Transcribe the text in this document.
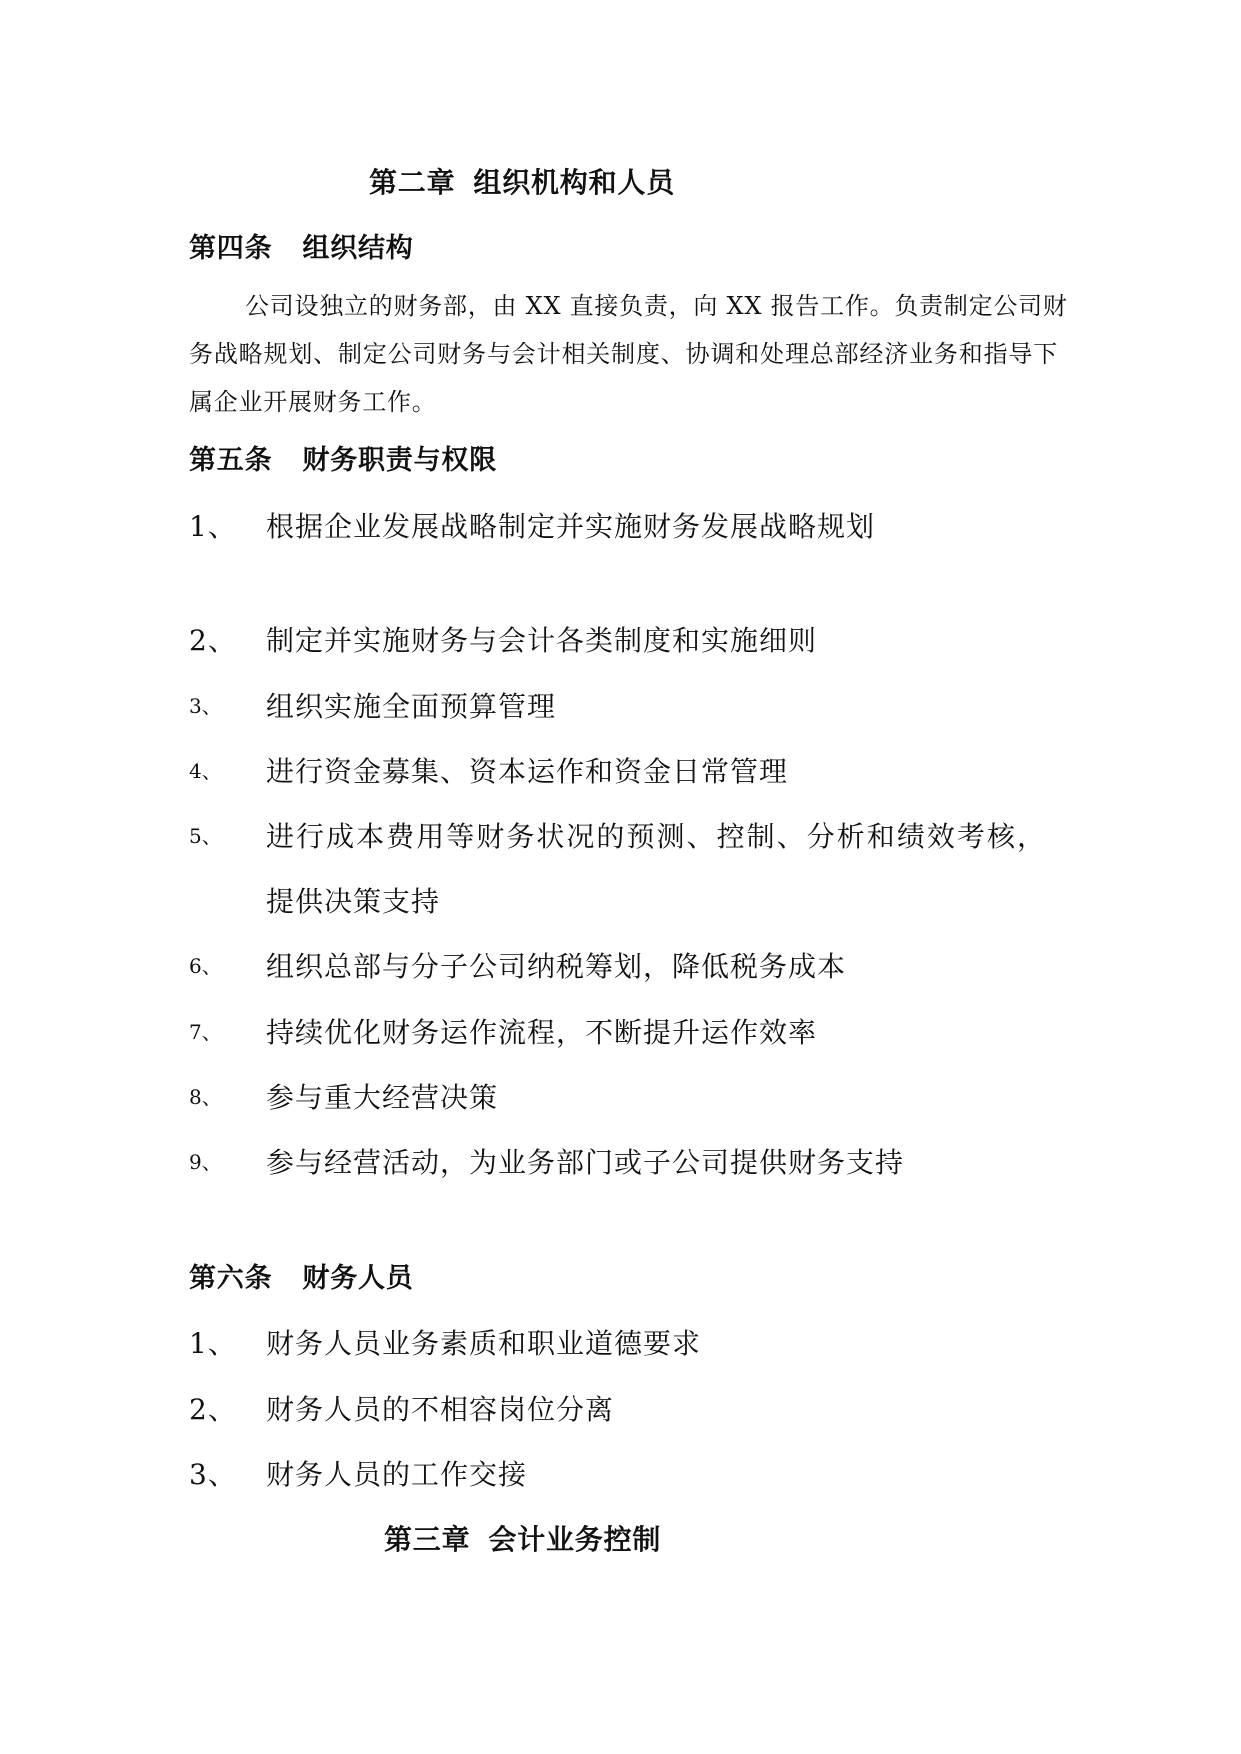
第二章 组织机构和人员
第四条 组织结构
公司设独立的财务部，由 XX 直接负责，向 XX 报告工作。负责制定公司财
务战略规划、制定公司财务与会计相关制度、协调和处理总部经济业务和指导下
属企业开展财务工作。
第五条 财务职责与权限
1、	根据企业发展战略制定并实施财务发展战略规划
2、	制定并实施财务与会计各类制度和实施细则
3、	组织实施全面预算管理
4、	进行资金募集、资本运作和资金日常管理
5、	进行成本费用等财务状况的预测、控制、分析和绩效考核，提供决策支持
6、	组织总部与分子公司纳税筹划，降低税务成本
7、	持续优化财务运作流程，不断提升运作效率
8、	参与重大经营决策
9、	参与经营活动，为业务部门或子公司提供财务支持
第六条 财务人员
1、	财务人员业务素质和职业道德要求
2、	财务人员的不相容岗位分离
3、	财务人员的工作交接
第三章 会计业务控制
